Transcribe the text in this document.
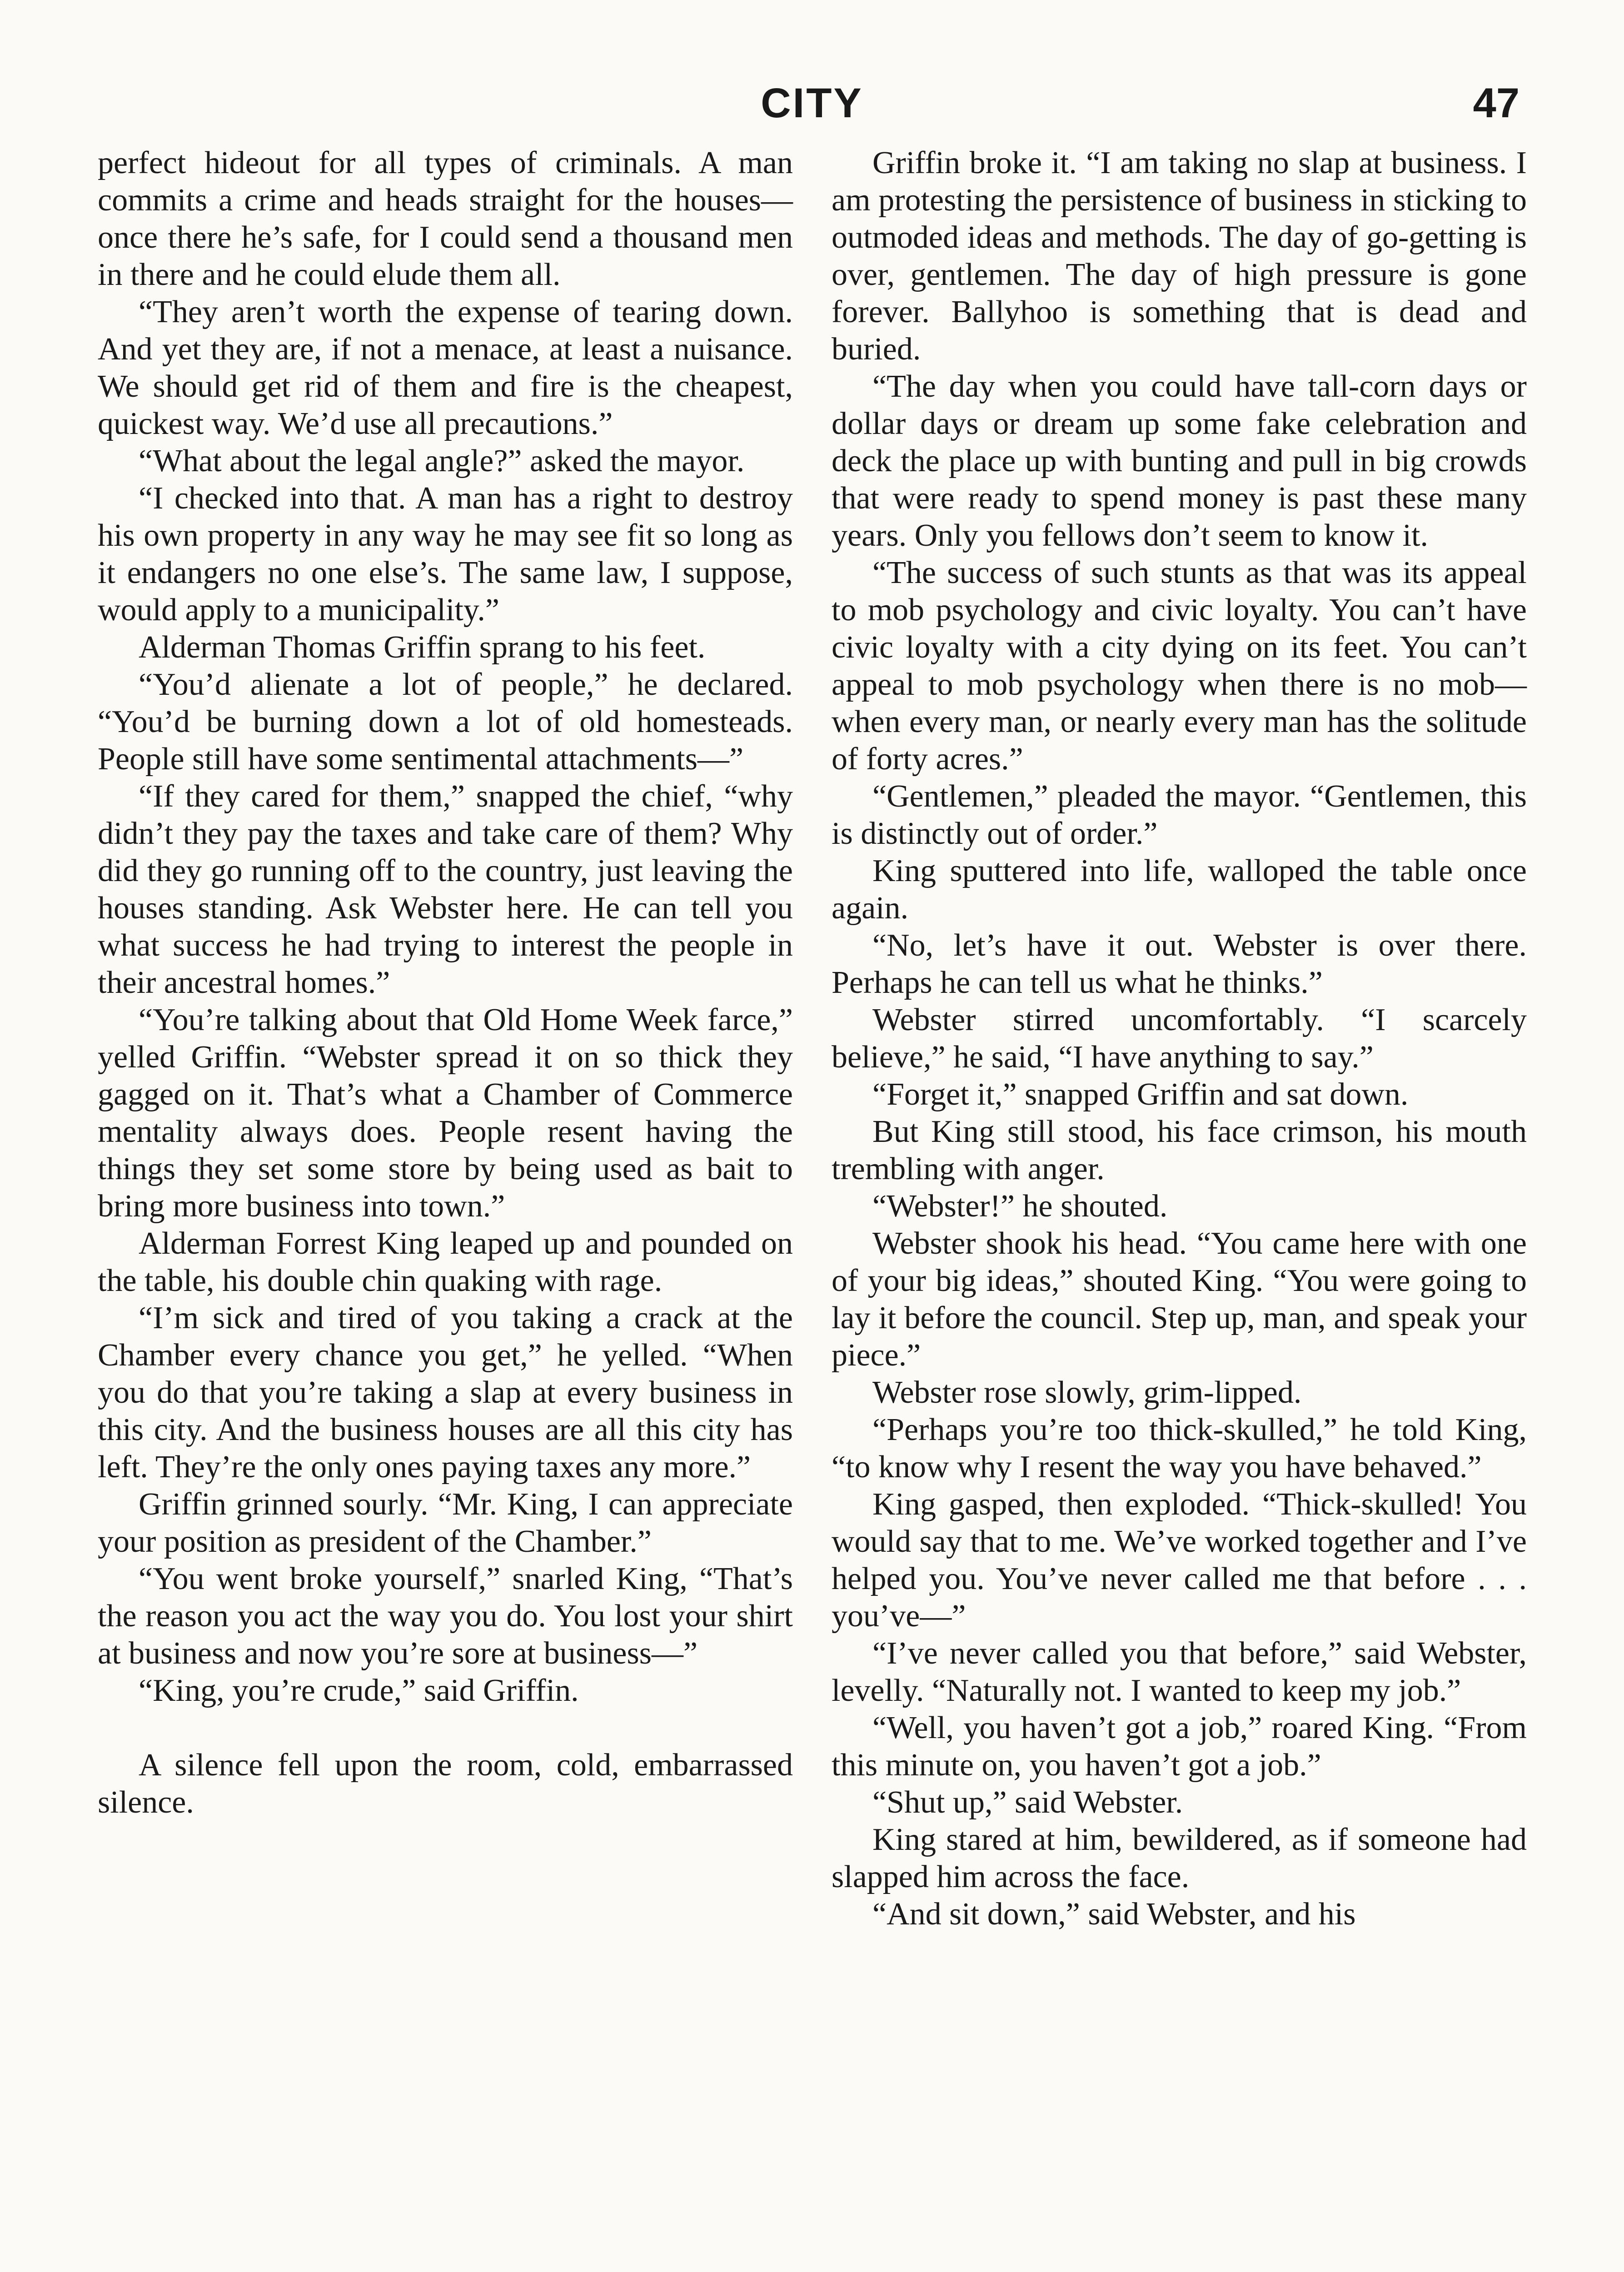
CITY	47

perfect hideout for all types of criminals. A man commits a crime and heads straight for the houses—once there he’s safe, for I could send a thousand men in there and he could elude them all.

“They aren’t worth the expense of tearing down. And yet they are, if not a menace, at least a nuisance. We should get rid of them and fire is the cheapest, quickest way. We’d use all precautions.”

“What about the legal angle?” asked the mayor.

“I checked into that. A man has a right to destroy his own property in any way he may see fit so long as it endangers no one else’s. The same law, I suppose, would apply to a municipality.”

Alderman Thomas Griffin sprang to his feet.

“You’d alienate a lot of people,” he declared. “You’d be burning down a lot of old homesteads. People still have some sentimental attachments—”

“If they cared for them,” snapped the chief, “why didn’t they pay the taxes and take care of them? Why did they go running off to the country, just leaving the houses standing. Ask Webster here. He can tell you what success he had trying to interest the people in their ancestral homes.”

“You’re talking about that Old Home Week farce,” yelled Griffin. “Webster spread it on so thick they gagged on it. That’s what a Chamber of Commerce mentality always does. People resent having the things they set some store by being used as bait to bring more business into town.”

Alderman Forrest King leaped up and pounded on the table, his double chin quaking with rage.

“I’m sick and tired of you taking a crack at the Chamber every chance you get,” he yelled. “When you do that you’re taking a slap at every business in this city. And the business houses are all this city has left. They’re the only ones paying taxes any more.”

Griffin grinned sourly. “Mr. King, I can appreciate your position as president of the Chamber.”

“You went broke yourself,” snarled King, “That’s the reason you act the way you do. You lost your shirt at business and now you’re sore at business—”

“King, you’re crude,” said Griffin.

A silence fell upon the room, cold, embarrassed silence.

Griffin broke it. “I am taking no slap at business. I am protesting the persistence of business in sticking to outmoded ideas and methods. The day of go-getting is over, gentlemen. The day of high pressure is gone forever. Ballyhoo is something that is dead and buried.

“The day when you could have tall-corn days or dollar days or dream up some fake celebration and deck the place up with bunting and pull in big crowds that were ready to spend money is past these many years. Only you fellows don’t seem to know it.

“The success of such stunts as that was its appeal to mob psychology and civic loyalty. You can’t have civic loyalty with a city dying on its feet. You can’t appeal to mob psychology when there is no mob—when every man, or nearly every man has the solitude of forty acres.”

“Gentlemen,” pleaded the mayor. “Gentlemen, this is distinctly out of order.”

King sputtered into life, walloped the table once again.

“No, let’s have it out. Webster is over there. Perhaps he can tell us what he thinks.”

Webster stirred uncomfortably. “I scarcely believe,” he said, “I have anything to say.”

“Forget it,” snapped Griffin and sat down.

But King still stood, his face crimson, his mouth trembling with anger.

“Webster!” he shouted.

Webster shook his head. “You came here with one of your big ideas,” shouted King. “You were going to lay it before the council. Step up, man, and speak your piece.”

Webster rose slowly, grim-lipped.

“Perhaps you’re too thick-skulled,” he told King, “to know why I resent the way you have behaved.”

King gasped, then exploded. “Thick-skulled! You would say that to me. We’ve worked together and I’ve helped you. You’ve never called me that before . . . you’ve—”

“I’ve never called you that before,” said Webster, levelly. “Naturally not. I wanted to keep my job.”

“Well, you haven’t got a job,” roared King. “From this minute on, you haven’t got a job.”

“Shut up,” said Webster.

King stared at him, bewildered, as if someone had slapped him across the face.

“And sit down,” said Webster, and his
